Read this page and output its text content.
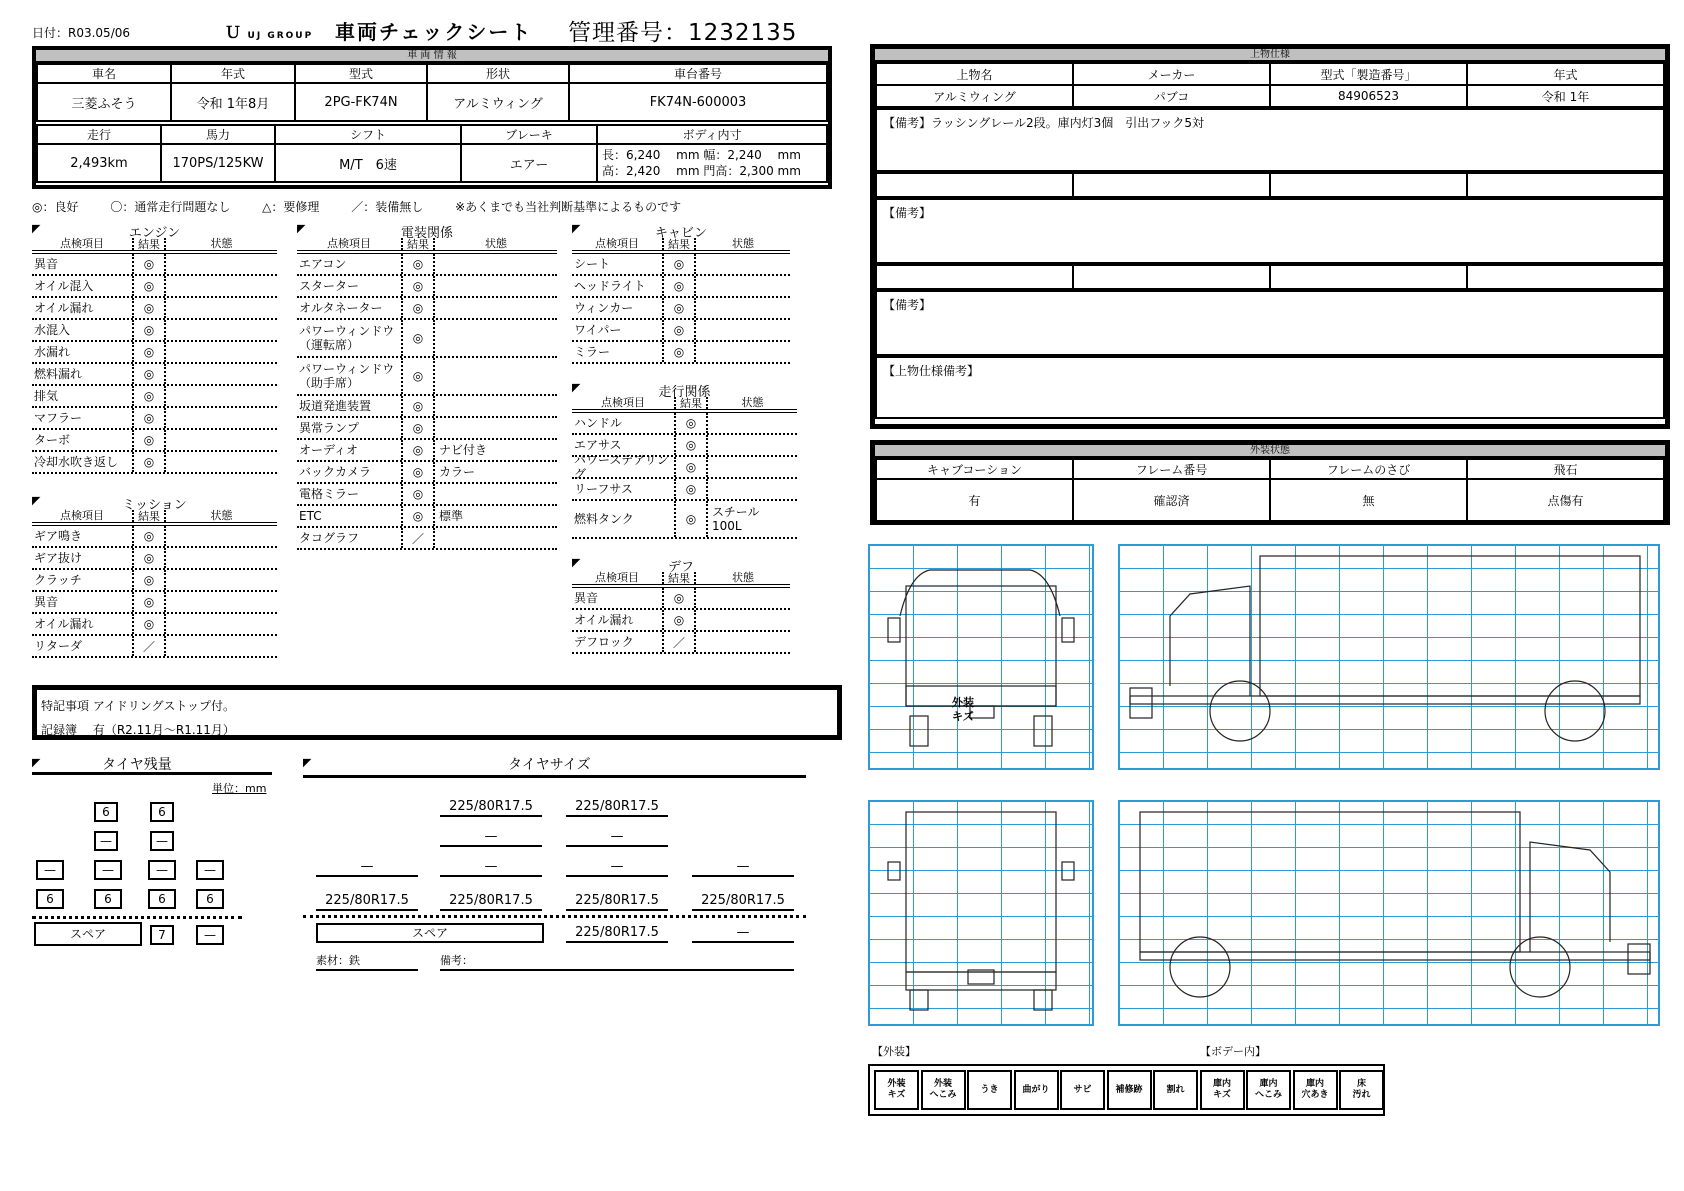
日付：R03.05/06	Ｕ UJ GROUP 車両チェックシート 管理番号：1232135
車 両 情 報
車名	年式	型式	形状	車台番号
三菱ふそう	令和 1年8月	2PG-FK74N	アルミウィング	FK74N-600003
走行	馬力	シフト	ブレーキ	ボディ内寸
2,493km	170PS/125KW	M/T　6速	エアー	長：6,240　 mm 幅：2,240　 mm
高：2,420　 mm 門高：2,300 mm
◎：良好	〇：通常走行問題なし	△：要修理	／：装備無し	※あくまでも当社判断基準によるものです
◤	エンジン
点検項目	結果	状態
異音	◎
オイル混入	◎
オイル漏れ	◎
水混入	◎
水漏れ	◎
燃料漏れ	◎
排気	◎
マフラー	◎
ターボ	◎
冷却水吹き返し	◎
◤	ミッション
点検項目	結果	状態
ギア鳴き	◎
ギア抜け	◎
クラッチ	◎
異音	◎
オイル漏れ	◎
リターダ	／
◤	電装関係
点検項目	結果	状態
エアコン	◎
スターター	◎
オルタネーター	◎
パワーウィンドウ
（運転席）	◎
パワーウィンドウ
（助手席）	◎
坂道発進装置	◎
異常ランプ	◎
オーディオ	◎	ナビ付き
バックカメラ	◎	カラー
電格ミラー	◎
ETC	◎	標準
タコグラフ	／
◤	キャビン
点検項目	結果	状態
シート	◎
ヘッドライト	◎
ウィンカー	◎
ワイパー	◎
ミラー	◎
◤	走行関係
点検項目	結果	状態
ハンドル	◎
エアサス	◎
パワーステアリング	◎
リーフサス	◎
燃料タンク	◎	スチール
100L
◤	デフ
点検項目	結果	状態
異音	◎
オイル漏れ	◎
デフロック	／
特記事項 アイドリングストップ付。
記録簿　 有（R2.11月～R1.11月）
◤	タイヤ残量
単位：mm
6	6
—	—
—	—	—	—
6	6	6	6
スペア	7	—
◤	タイヤサイズ
225/80R17.5	225/80R17.5
—	—
—	—	—	—
225/80R17.5	225/80R17.5	225/80R17.5	225/80R17.5
スペア	225/80R17.5	—
素材：鉄	備考：
上物仕様
上物名	メーカー	型式「製造番号」	年式
アルミウィング	パブコ	84906523	令和 1年
【備考】ラッシングレール2段。庫内灯3個　引出フック5対

【備考】

【備考】
【上物仕様備考】
外装状態
キャブコーション	フレーム番号	フレームのさび	飛石
有	確認済	無	点傷有
外装
キズ
【外装】	【ボデー内】
外装
キズ
外装
へこみ
うき	曲がり	サビ	補修跡	割れ
庫内
キズ
庫内
へこみ
庫内
穴あき
床
汚れ
